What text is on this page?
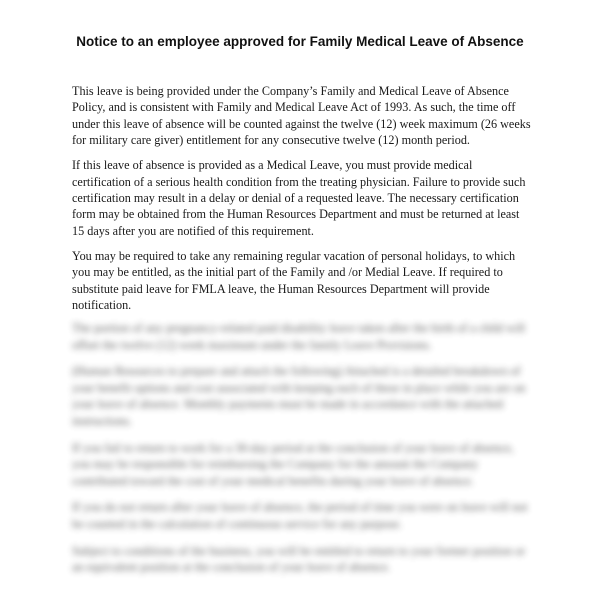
Notice to an employee approved for Family Medical Leave of Absence

This leave is being provided under the Company’s Family and Medical Leave of Absence Policy, and is consistent with Family and Medical Leave Act of 1993. As such, the time off under this leave of absence will be counted against the twelve (12) week maximum (26 weeks for military care giver) entitlement for any consecutive twelve (12) month period.

If this leave of absence is provided as a Medical Leave, you must provide medical certification of a serious health condition from the treating physician. Failure to provide such certification may result in a delay or denial of a requested leave. The necessary certification form may be obtained from the Human Resources Department and must be returned at least 15 days after you are notified of this requirement.

You may be required to take any remaining regular vacation of personal holidays, to which you may be entitled, as the initial part of the Family and /or Medial Leave. If required to substitute paid leave for FMLA leave, the Human Resources Department will provide notification.

The portion of any pregnancy-related paid disability leave taken after the birth of a child will offset the twelve (12) week maximum under the family Leave Provisions.

(Human Resources to prepare and attach the following) Attached is a detailed breakdown of your benefit options and cost associated with keeping each of these in place while you are on your leave of absence. Monthly payments must be made in accordance with the attached instructions.

If you fail to return to work for a 30-day period at the conclusion of your leave of absence, you may be responsible for reimbursing the Company for the amount the Company contributed toward the cost of your medical benefits during your leave of absence.

If you do not return after your leave of absence, the period of time you were on leave will not be counted in the calculation of continuous service for any purpose.

Subject to conditions of the business, you will be entitled to return to your former position or an equivalent position at the conclusion of your leave of absence.
